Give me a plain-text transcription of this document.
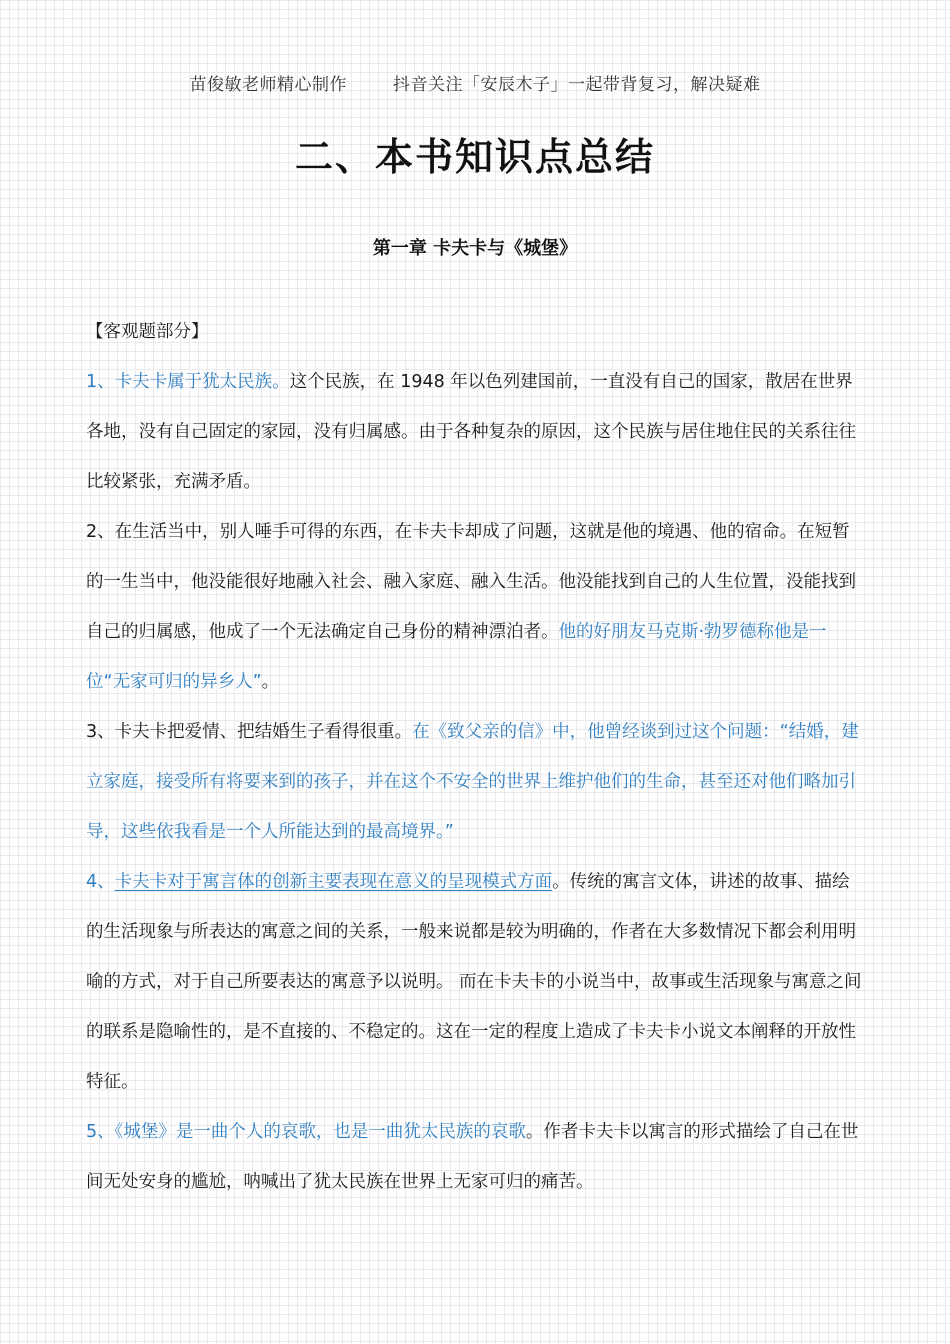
苗俊敏老师精心制作	抖音关注「安辰木子」一起带背复习，解决疑难
二、本书知识点总结
第一章 卡夫卡与《城堡》

【客观题部分】

1、卡夫卡属于犹太民族。这个民族，在 1948 年以色列建国前，一直没有自己的国家，散居在世界各地，没有自己固定的家园，没有归属感。由于各种复杂的原因，这个民族与居住地住民的关系往往比较紧张，充满矛盾。

2、在生活当中，别人唾手可得的东西，在卡夫卡却成了问题，这就是他的境遇、他的宿命。在短暂的一生当中，他没能很好地融入社会、融入家庭、融入生活。他没能找到自己的人生位置，没能找到自己的归属感，他成了一个无法确定自己身份的精神漂泊者。他的好朋友马克斯·勃罗德称他是一位“无家可归的异乡人”。

3、卡夫卡把爱情、把结婚生子看得很重。在《致父亲的信》中，他曾经谈到过这个问题：“结婚，建立家庭，接受所有将要来到的孩子，并在这个不安全的世界上维护他们的生命，甚至还对他们略加引导，这些依我看是一个人所能达到的最高境界。”

4、卡夫卡对于寓言体的创新主要表现在意义的呈现模式方面。传统的寓言文体，讲述的故事、描绘的生活现象与所表达的寓意之间的关系，一般来说都是较为明确的，作者在大多数情况下都会利用明喻的方式，对于自己所要表达的寓意予以说明。 而在卡夫卡的小说当中，故事或生活现象与寓意之间的联系是隐喻性的，是不直接的、不稳定的。这在一定的程度上造成了卡夫卡小说文本阐释的开放性特征。

5、《城堡》是一曲个人的哀歌，也是一曲犹太民族的哀歌。作者卡夫卡以寓言的形式描绘了自己在世间无处安身的尴尬，呐喊出了犹太民族在世界上无家可归的痛苦。
